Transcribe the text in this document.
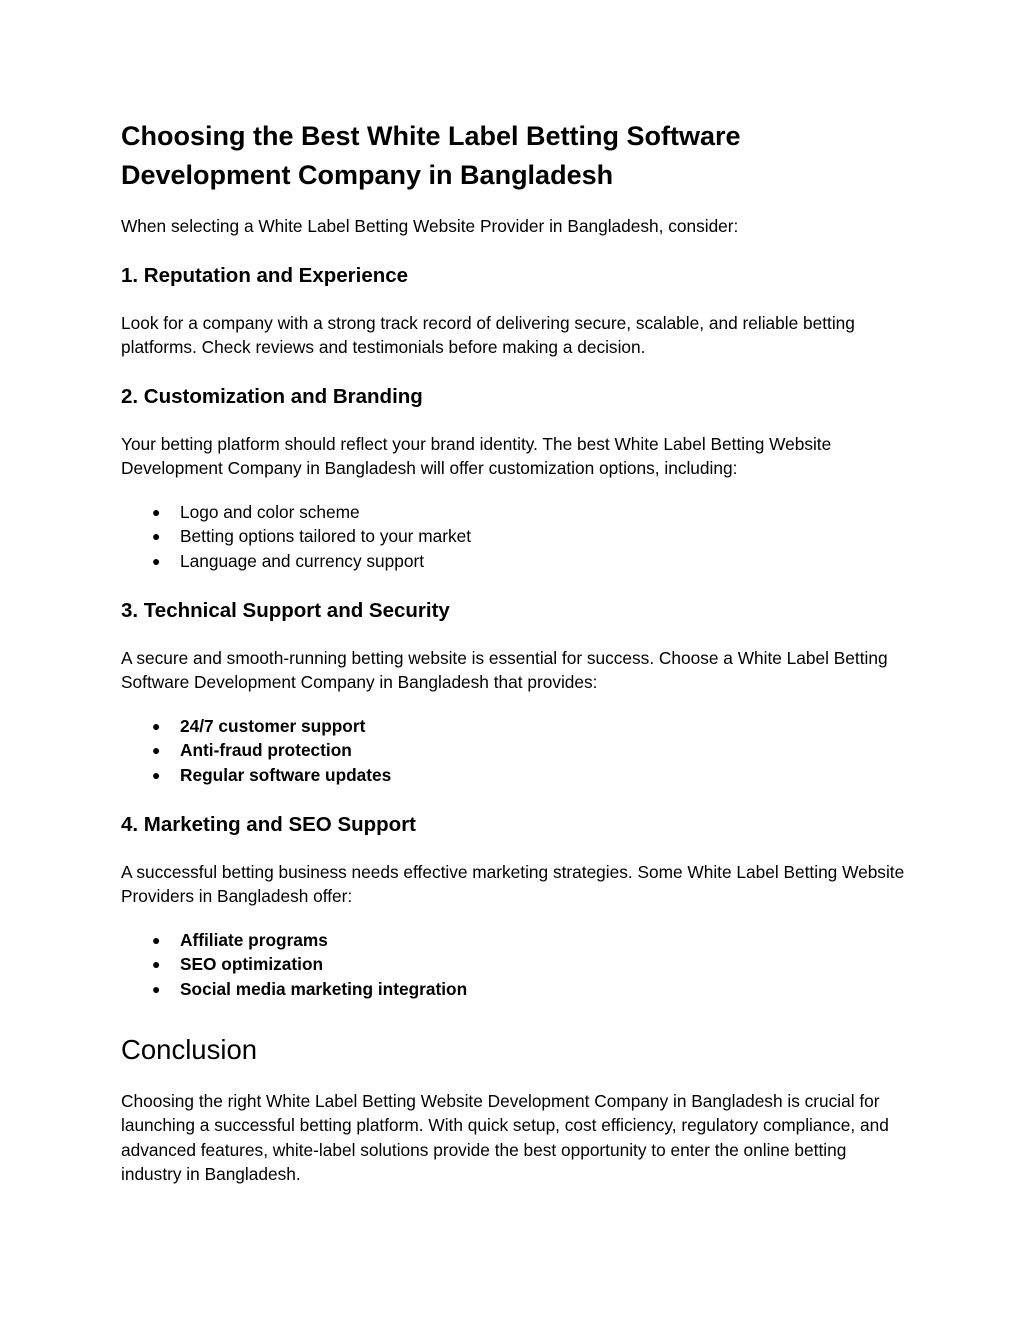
Choosing the Best White Label Betting Software Development Company in Bangladesh

When selecting a White Label Betting Website Provider in Bangladesh, consider:

1. Reputation and Experience

Look for a company with a strong track record of delivering secure, scalable, and reliable betting platforms. Check reviews and testimonials before making a decision.

2. Customization and Branding

Your betting platform should reflect your brand identity. The best White Label Betting Website Development Company in Bangladesh will offer customization options, including:

● Logo and color scheme
● Betting options tailored to your market
● Language and currency support
3. Technical Support and Security

A secure and smooth-running betting website is essential for success. Choose a White Label Betting Software Development Company in Bangladesh that provides:

● 24/7 customer support
● Anti-fraud protection
● Regular software updates
4. Marketing and SEO Support

A successful betting business needs effective marketing strategies. Some White Label Betting Website Providers in Bangladesh offer:

● Affiliate programs
● SEO optimization
● Social media marketing integration
Conclusion

Choosing the right White Label Betting Website Development Company in Bangladesh is crucial for launching a successful betting platform. With quick setup, cost efficiency, regulatory compliance, and advanced features, white-label solutions provide the best opportunity to enter the online betting industry in Bangladesh.
